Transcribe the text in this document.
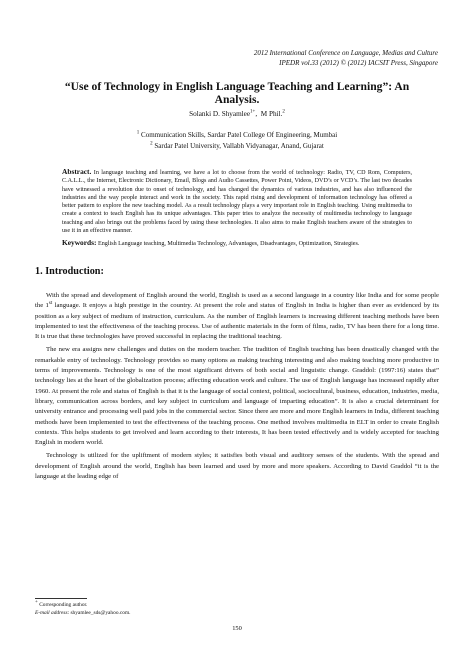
2012 International Conference on Language, Medias and Culture
IPEDR vol.33 (2012) © (2012) IACSIT Press, Singapore
“Use of Technology in English Language Teaching and Learning”: An
Analysis.
Solanki D. Shyamlee$^{1+}$, M Phil.$^2$
$^1$ Communication Skills, Sardar Patel College Of Engineering, Mumbai
$^2$ Sardar Patel University, Vallabh Vidyanagar, Anand, Gujarat
Abstract. In language teaching and learning, we have a lot to choose from the world of technology: Radio, TV, CD Rom, Computers, C.A.L.L., the Internet, Electronic Dictionary, Email, Blogs and Audio Cassettes, Power Point, Videos, DVD’s or VCD’s. The last two decades have witnessed a revolution due to onset of technology, and has changed the dynamics of various industries, and has also influenced the industries and the way people interact and work in the society. This rapid rising and development of information technology has offered a better pattern to explore the new teaching model. As a result technology plays a very important role in English teaching. Using multimedia to create a context to teach English has its unique advantages. This paper tries to analyze the necessity of multimedia technology to language teaching and also brings out the problems faced by using these technologies. It also aims to make English teachers aware of the strategies to use it in an effective manner.
Keywords: English Language teaching, Multimedia Technology, Advantages, Disadvantages, Optimization, Strategies.
1. Introduction:

With the spread and development of English around the world, English is used as a second language in a country like India and for some people the 1st language. It enjoys a high prestige in the country. At present the role and status of English in India is higher than ever as evidenced by its position as a key subject of medium of instruction, curriculum. As the number of English learners is increasing different teaching methods have been implemented to test the effectiveness of the teaching process. Use of authentic materials in the form of films, radio, TV has been there for a long time. It is true that these technologies have proved successful in replacing the traditional teaching.

The new era assigns new challenges and duties on the modern teacher. The tradition of English teaching has been drastically changed with the remarkable entry of technology. Technology provides so many options as making teaching interesting and also making teaching more productive in terms of improvements. Technology is one of the most significant drivers of both social and linguistic change. Graddol: (1997:16) states that” technology lies at the heart of the globalization process; affecting education work and culture. The use of English language has increased rapidly after 1960. At present the role and status of English is that it is the language of social context, political, sociocultural, business, education, industries, media, library, communication across borders, and key subject in curriculum and language of imparting education”. It is also a crucial determinant for university entrance and processing well paid jobs in the commercial sector. Since there are more and more English learners in India, different teaching methods have been implemented to test the effectiveness of the teaching process. One method involves multimedia in ELT in order to create English contexts. This helps students to get involved and learn according to their interests, It has been tested effectively and is widely accepted for teaching English in modern world.

Technology is utilized for the upliftment of modern styles; it satisfies both visual and auditory senses of the students. With the spread and development of English around the world, English has been learned and used by more and more speakers. According to David Graddol “it is the language at the leading edge of

+ Corresponding author.
E-mail address: shyamlee_sds@yahoo.com.
150
